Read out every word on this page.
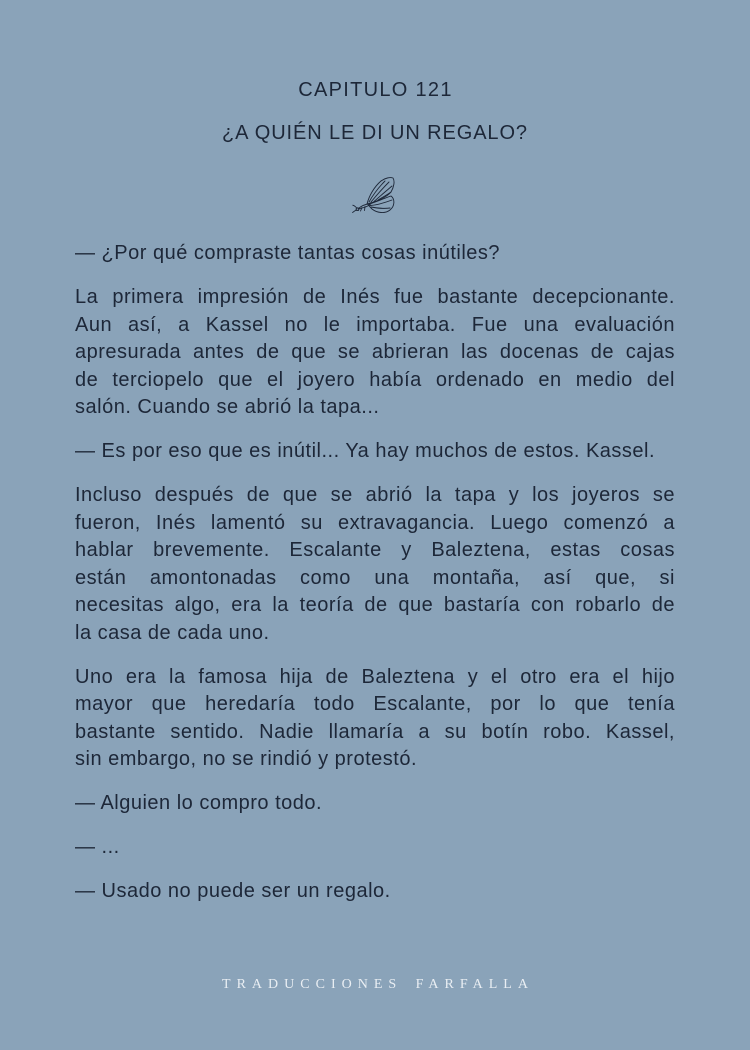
CAPITULO 121
¿A QUIÉN LE DI UN REGALO?
— ¿Por qué compraste tantas cosas inútiles?
La primera impresión de Inés fue bastante decepcionante.
Aun así, a Kassel no le importaba. Fue una evaluación
apresurada antes de que se abrieran las docenas de cajas
de terciopelo que el joyero había ordenado en medio del
salón. Cuando se abrió la tapa...
— Es por eso que es inútil... Ya hay muchos de estos. Kassel.
Incluso después de que se abrió la tapa y los joyeros se
fueron, Inés lamentó su extravagancia. Luego comenzó a
hablar brevemente. Escalante y Baleztena, estas cosas
están amontonadas como una montaña, así que, si
necesitas algo, era la teoría de que bastaría con robarlo de
la casa de cada uno.
Uno era la famosa hija de Baleztena y el otro era el hijo
mayor que heredaría todo Escalante, por lo que tenía
bastante sentido. Nadie llamaría a su botín robo. Kassel,
sin embargo, no se rindió y protestó.
— Alguien lo compro todo.
— ...
— Usado no puede ser un regalo.
TRADUCCIONES FARFALLA
